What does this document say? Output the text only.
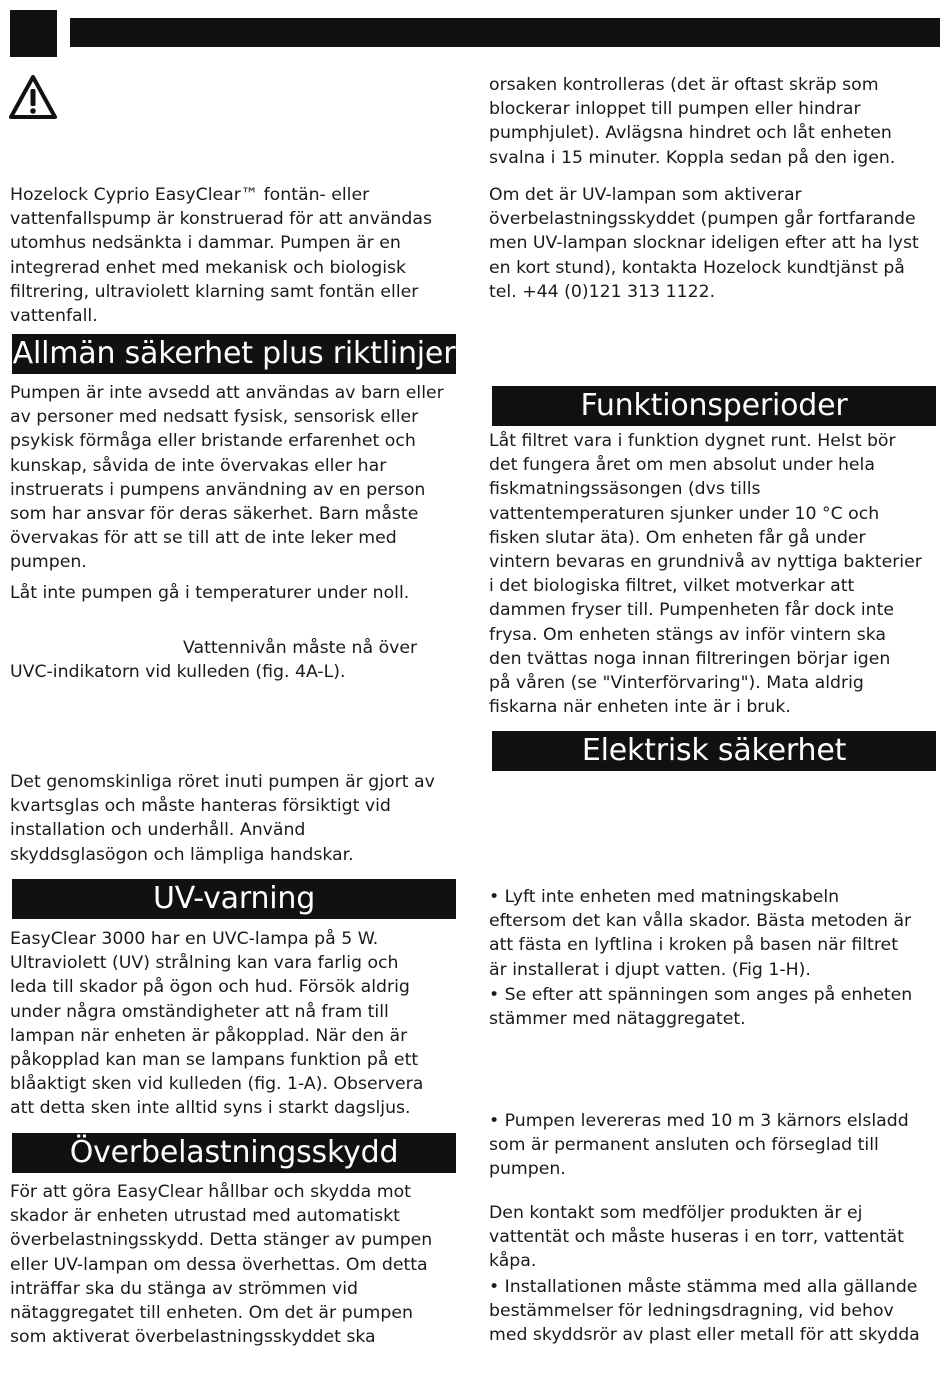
Hozelock Cyprio EasyClear™ fontän- eller
vattenfallspump är konstruerad för att användas
utomhus nedsänkta i dammar. Pumpen är en
integrerad enhet med mekanisk och biologisk
filtrering, ultraviolett klarning samt fontän eller
vattenfall.

Allmän säkerhet plus riktlinjer

Pumpen är inte avsedd att användas av barn eller
av personer med nedsatt fysisk, sensorisk eller
psykisk förmåga eller bristande erfarenhet och
kunskap, såvida de inte övervakas eller har
instruerats i pumpens användning av en person
som har ansvar för deras säkerhet. Barn måste
övervakas för att se till att de inte leker med
pumpen.

Låt inte pumpen gå i temperaturer under noll.

Vattennivån måste nå över

UVC-indikatorn vid kulleden (fig. 4A-L).

Det genomskinliga röret inuti pumpen är gjort av
kvartsglas och måste hanteras försiktigt vid
installation och underhåll. Använd
skyddsglasögon och lämpliga handskar.

UV-varning

EasyClear 3000 har en UVC-lampa på 5 W.
Ultraviolett (UV) strålning kan vara farlig och
leda till skador på ögon och hud. Försök aldrig
under några omständigheter att nå fram till
lampan när enheten är påkopplad. När den är
påkopplad kan man se lampans funktion på ett
blåaktigt sken vid kulleden (fig. 1-A). Observera
att detta sken inte alltid syns i starkt dagsljus.

Överbelastningsskydd

För att göra EasyClear hållbar och skydda mot
skador är enheten utrustad med automatiskt
överbelastningsskydd. Detta stänger av pumpen
eller UV-lampan om dessa överhettas. Om detta
inträffar ska du stänga av strömmen vid
nätaggregatet till enheten. Om det är pumpen
som aktiverat överbelastningsskyddet ska

orsaken kontrolleras (det är oftast skräp som
blockerar inloppet till pumpen eller hindrar
pumphjulet). Avlägsna hindret och låt enheten
svalna i 15 minuter. Koppla sedan på den igen.

Om det är UV-lampan som aktiverar
överbelastningsskyddet (pumpen går fortfarande
men UV-lampan slocknar ideligen efter att ha lyst
en kort stund), kontakta Hozelock kundtjänst på
tel. +44 (0)121 313 1122.

Funktionsperioder

Låt filtret vara i funktion dygnet runt. Helst bör
det fungera året om men absolut under hela
fiskmatningssäsongen (dvs tills
vattentemperaturen sjunker under 10 °C och
fisken slutar äta). Om enheten får gå under
vintern bevaras en grundnivå av nyttiga bakterier
i det biologiska filtret, vilket motverkar att
dammen fryser till. Pumpenheten får dock inte
frysa. Om enheten stängs av inför vintern ska
den tvättas noga innan filtreringen börjar igen
på våren (se "Vinterförvaring"). Mata aldrig
fiskarna när enheten inte är i bruk.

Elektrisk säkerhet

• Lyft inte enheten med matningskabeln
eftersom det kan vålla skador. Bästa metoden är
att fästa en lyftlina i kroken på basen när filtret
är installerat i djupt vatten. (Fig 1-H).

• Se efter att spänningen som anges på enheten
stämmer med nätaggregatet.

• Pumpen levereras med 10 m 3 kärnors elsladd
som är permanent ansluten och förseglad till
pumpen.

Den kontakt som medföljer produkten är ej
vattentät och måste huseras i en torr, vattentät
kåpa.

• Installationen måste stämma med alla gällande
bestämmelser för ledningsdragning, vid behov
med skyddsrör av plast eller metall för att skydda
